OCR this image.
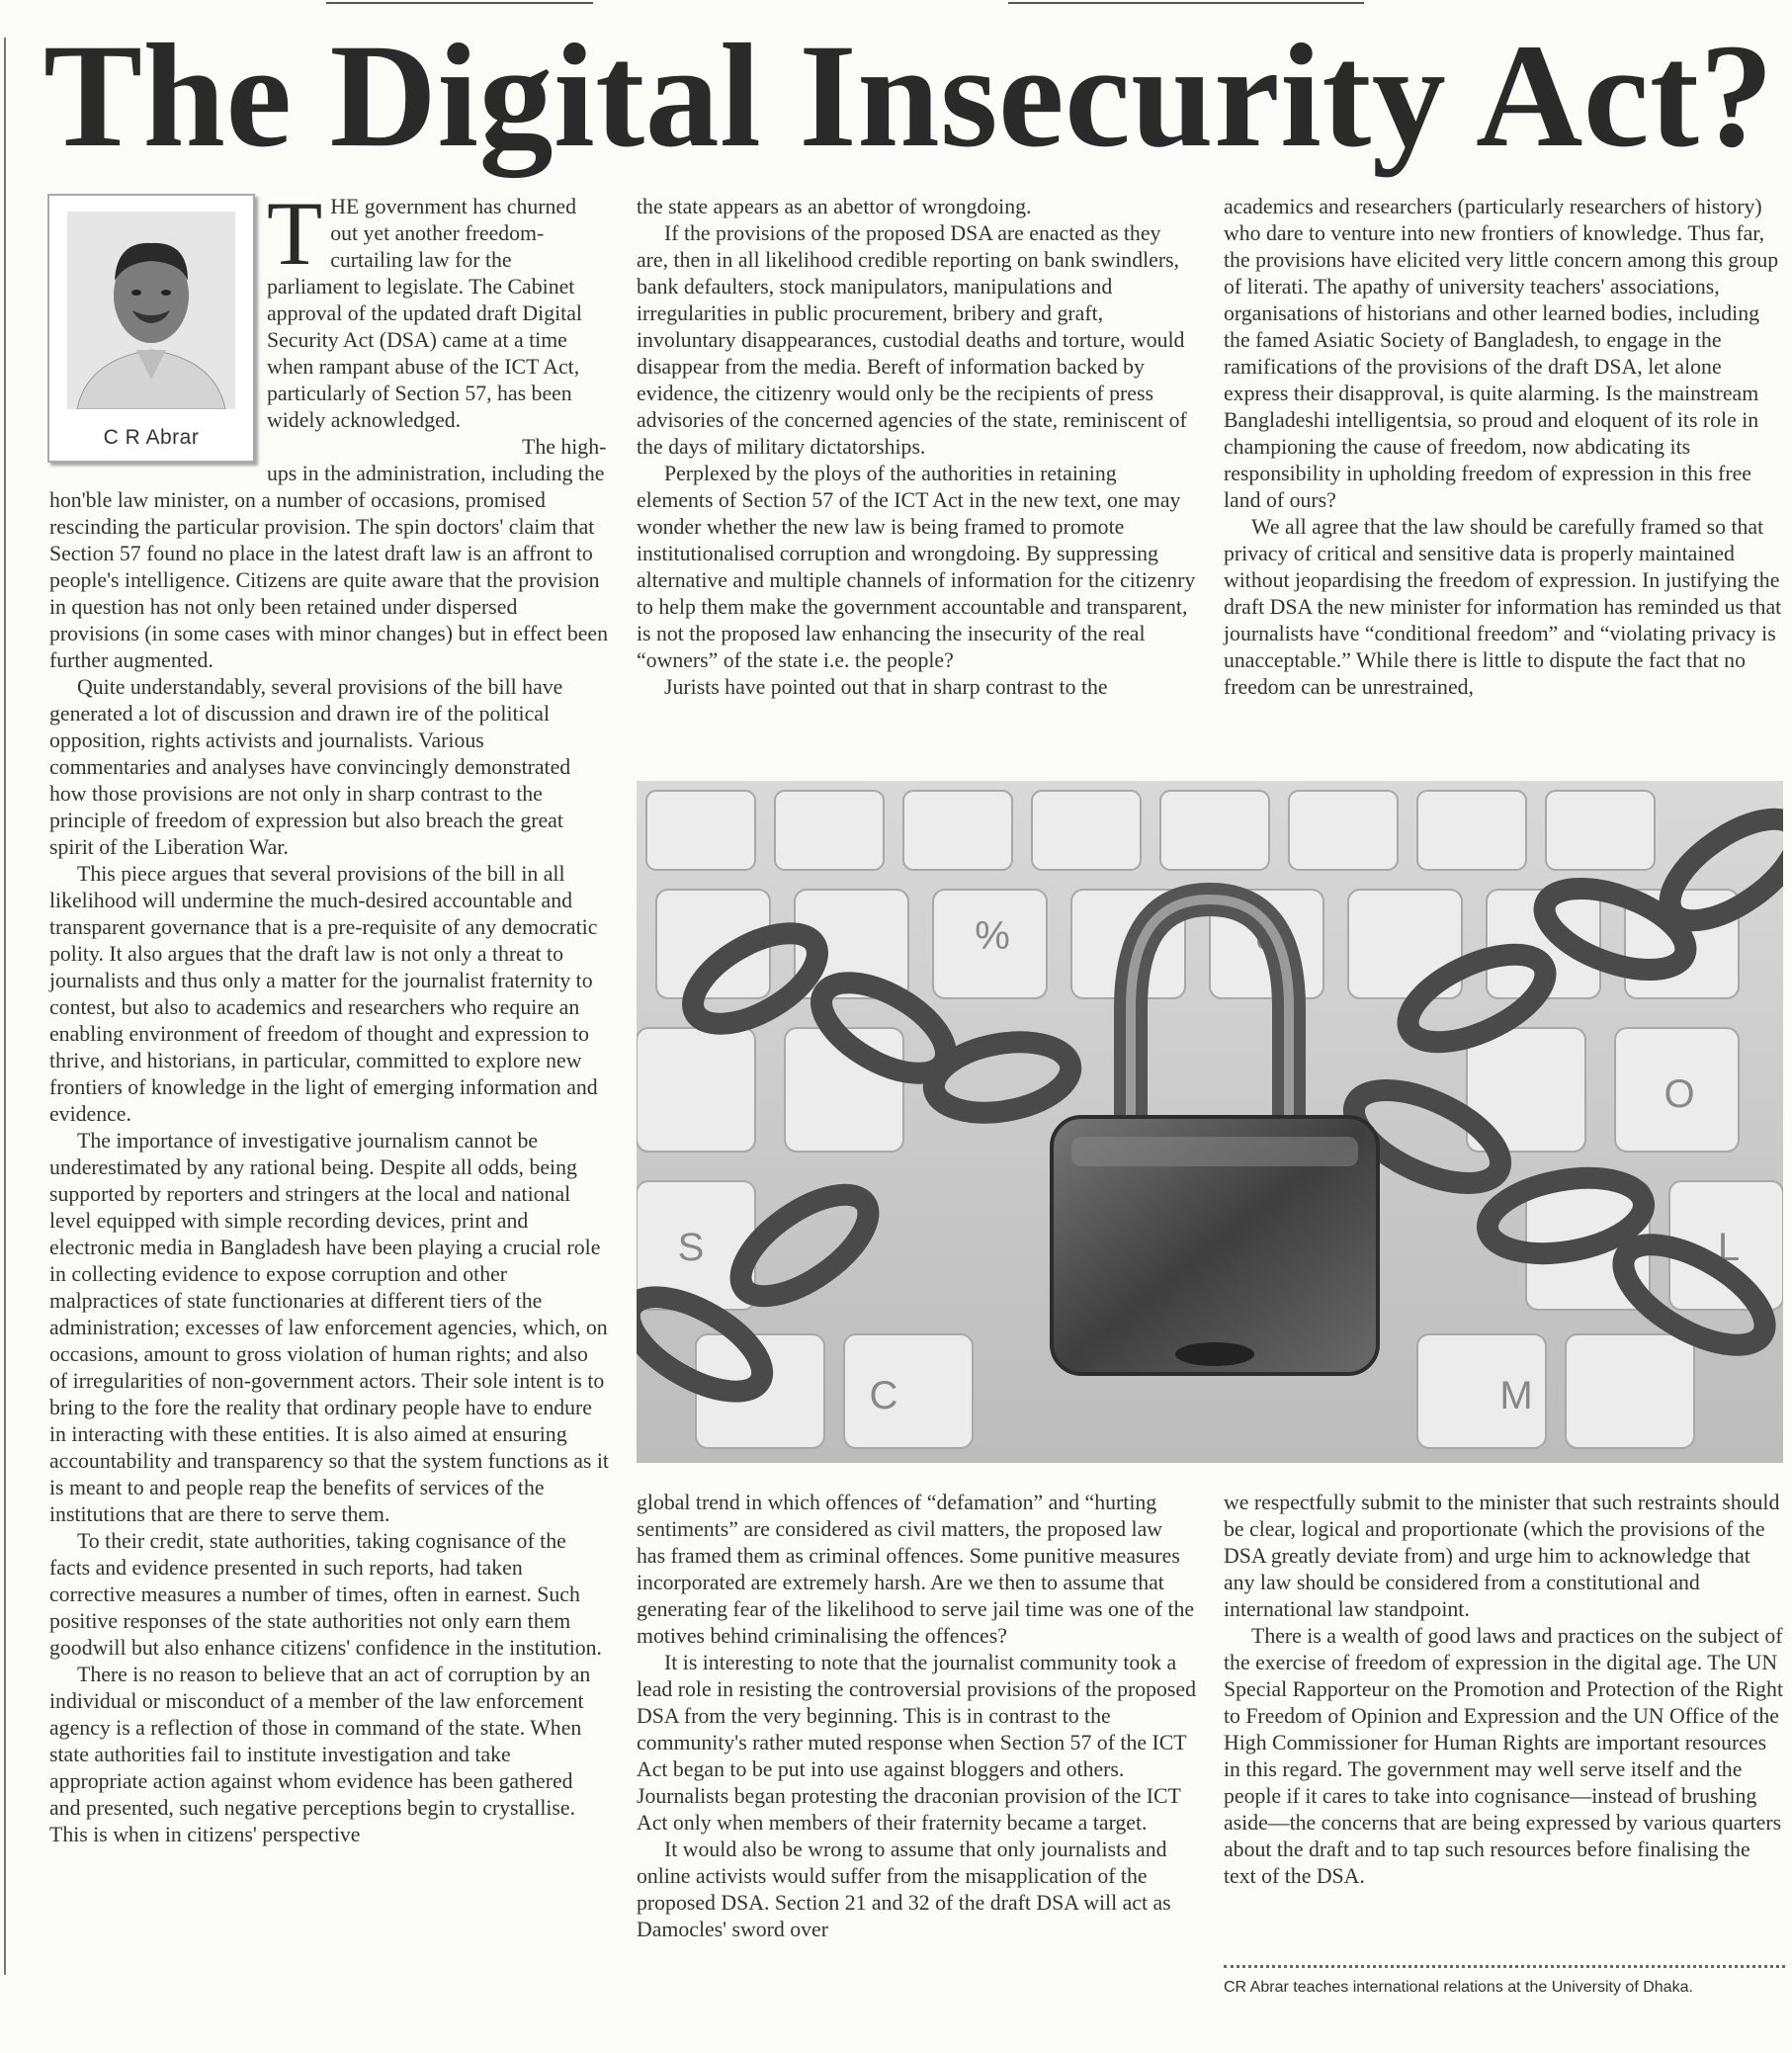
The Digital Insecurity Act?
C R Abrar

THE government has churned out yet another freedom-curtailing law for the parliament to legislate. The Cabinet approval of the updated draft Digital Security Act (DSA) came at a time when rampant abuse of the ICT Act, particularly of Section 57, has been widely acknowledged.

The high-ups in the administration, including the hon'ble law minister, on a number of occasions, promised rescinding the particular provision. The spin doctors' claim that Section 57 found no place in the latest draft law is an affront to people's intelligence. Citizens are quite aware that the provision in question has not only been retained under dispersed provisions (in some cases with minor changes) but in effect been further augmented.

Quite understandably, several provisions of the bill have generated a lot of discussion and drawn ire of the political opposition, rights activists and journalists. Various commentaries and analyses have convincingly demonstrated how those provisions are not only in sharp contrast to the principle of freedom of expression but also breach the great spirit of the Liberation War.

This piece argues that several provisions of the bill in all likelihood will undermine the much-desired accountable and transparent governance that is a pre-requisite of any democratic polity. It also argues that the draft law is not only a threat to journalists and thus only a matter for the journalist fraternity to contest, but also to academics and researchers who require an enabling environment of freedom of thought and expression to thrive, and historians, in particular, committed to explore new frontiers of knowledge in the light of emerging information and evidence.

The importance of investigative journalism cannot be underestimated by any rational being. Despite all odds, being supported by reporters and stringers at the local and national level equipped with simple recording devices, print and electronic media in Bangladesh have been playing a crucial role in collecting evidence to expose corruption and other malpractices of state functionaries at different tiers of the administration; excesses of law enforcement agencies, which, on occasions, amount to gross violation of human rights; and also of irregularities of non-government actors. Their sole intent is to bring to the fore the reality that ordinary people have to endure in interacting with these entities. It is also aimed at ensuring accountability and transparency so that the system functions as it is meant to and people reap the benefits of services of the institutions that are there to serve them.

To their credit, state authorities, taking cognisance of the facts and evidence presented in such reports, had taken corrective measures a number of times, often in earnest. Such positive responses of the state authorities not only earn them goodwill but also enhance citizens' confidence in the institution.

There is no reason to believe that an act of corruption by an individual or misconduct of a member of the law enforcement agency is a reflection of those in command of the state. When state authorities fail to institute investigation and take appropriate action against whom evidence has been gathered and presented, such negative perceptions begin to crystallise. This is when in citizens' perspective

the state appears as an abettor of wrongdoing.

If the provisions of the proposed DSA are enacted as they are, then in all likelihood credible reporting on bank swindlers, bank defaulters, stock manipulators, manipulations and irregularities in public procurement, bribery and graft, involuntary disappearances, custodial deaths and torture, would disappear from the media. Bereft of information backed by evidence, the citizenry would only be the recipients of press advisories of the concerned agencies of the state, reminiscent of the days of military dictatorships.

Perplexed by the ploys of the authorities in retaining elements of Section 57 of the ICT Act in the new text, one may wonder whether the new law is being framed to promote institutionalised corruption and wrongdoing. By suppressing alternative and multiple channels of information for the citizenry to help them make the government accountable and transparent, is not the proposed law enhancing the insecurity of the real “owners” of the state i.e. the people?

Jurists have pointed out that in sharp contrast to the

academics and researchers (particularly researchers of history) who dare to venture into new frontiers of knowledge. Thus far, the provisions have elicited very little concern among this group of literati. The apathy of university teachers' associations, organisations of historians and other learned bodies, including the famed Asiatic Society of Bangladesh, to engage in the ramifications of the provisions of the draft DSA, let alone express their disapproval, is quite alarming. Is the mainstream Bangladeshi intelligentsia, so proud and eloquent of its role in championing the cause of freedom, now abdicating its responsibility in upholding freedom of expression in this free land of ours?

We all agree that the law should be carefully framed so that privacy of critical and sensitive data is properly maintained without jeopardising the freedom of expression. In justifying the draft DSA the new minister for information has reminded us that journalists have “conditional freedom” and “violating privacy is unacceptable.” While there is little to dispute the fact that no freedom can be unrestrained,

%	&
O
S	L
C	M

global trend in which offences of “defamation” and “hurting sentiments” are considered as civil matters, the proposed law has framed them as criminal offences. Some punitive measures incorporated are extremely harsh. Are we then to assume that generating fear of the likelihood to serve jail time was one of the motives behind criminalising the offences?

It is interesting to note that the journalist community took a lead role in resisting the controversial provisions of the proposed DSA from the very beginning. This is in contrast to the community's rather muted response when Section 57 of the ICT Act began to be put into use against bloggers and others. Journalists began protesting the draconian provision of the ICT Act only when members of their fraternity became a target.

It would also be wrong to assume that only journalists and online activists would suffer from the misapplication of the proposed DSA. Section 21 and 32 of the draft DSA will act as Damocles' sword over

we respectfully submit to the minister that such restraints should be clear, logical and proportionate (which the provisions of the DSA greatly deviate from) and urge him to acknowledge that any law should be considered from a constitutional and international law standpoint.

There is a wealth of good laws and practices on the subject of the exercise of freedom of expression in the digital age. The UN Special Rapporteur on the Promotion and Protection of the Right to Freedom of Opinion and Expression and the UN Office of the High Commissioner for Human Rights are important resources in this regard. The government may well serve itself and the people if it cares to take into cognisance—instead of brushing aside—the concerns that are being expressed by various quarters about the draft and to tap such resources before finalising the text of the DSA.

CR Abrar teaches international relations at the University of Dhaka.
